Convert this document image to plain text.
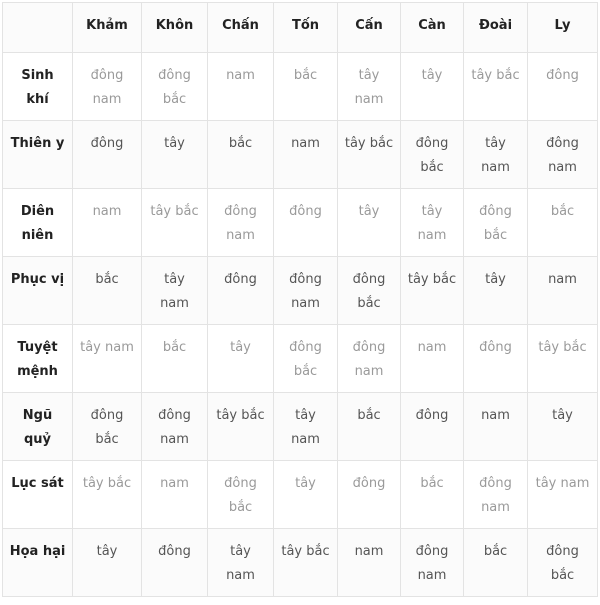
	Khảm	Khôn	Chấn	Tốn	Cấn	Càn	Đoài	Ly
Sinh khí	đông nam	đông bắc	nam	bắc	tây nam	tây	tây bắc	đông
Thiên y	đông	tây	bắc	nam	tây bắc	đông bắc	tây nam	đông nam
Diên niên	nam	tây bắc	đông nam	đông	tây	tây nam	đông bắc	bắc
Phục vị	bắc	tây nam	đông	đông nam	đông bắc	tây bắc	tây	nam
Tuyệt mệnh	tây nam	bắc	tây	đông bắc	đông nam	nam	đông	tây bắc
Ngũ quỷ	đông bắc	đông nam	tây bắc	tây nam	bắc	đông	nam	tây
Lục sát	tây bắc	nam	đông bắc	tây	đông	bắc	đông nam	tây nam
Họa hại	tây	đông	tây nam	tây bắc	nam	đông nam	bắc	đông bắc
